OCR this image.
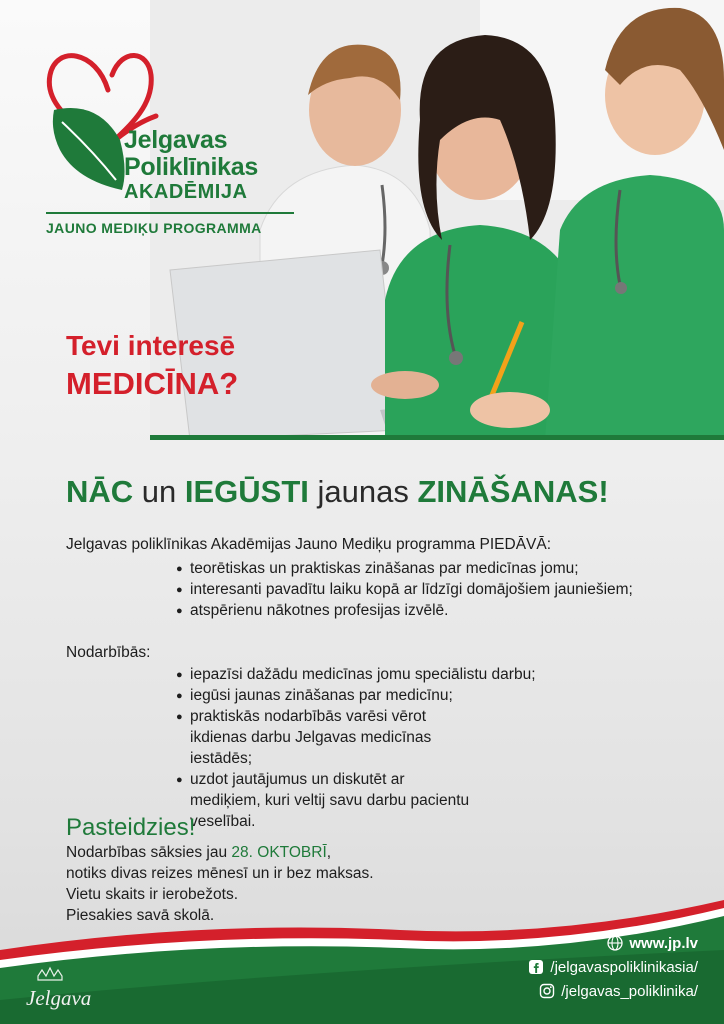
Jelgavas
Poliklīnikas
AKADĒMIJA
JAUNO MEDIĶU PROGRAMMA
Tevi interesē
MEDICĪNA?
NĀC un IEGŪSTI jaunas ZINĀŠANAS!
Jelgavas poliklīnikas Akadēmijas Jauno Mediķu programma PIEDĀVĀ:
● teorētiskas un praktiskas zināšanas par medicīnas jomu;
● interesanti pavadītu laiku kopā ar līdzīgi domājošiem jauniešiem;
● atspērienu nākotnes profesijas izvēlē.
Nodarbībās:
● iepazīsi dažādu medicīnas jomu speciālistu darbu;
● iegūsi jaunas zināšanas par medicīnu;
● praktiskās nodarbībās varēsi vērot ikdienas darbu Jelgavas medicīnas iestādēs;
● uzdot jautājumus un diskutēt ar mediķiem, kuri veltij savu darbu pacientu veselībai.
Pasteidzies!
Nodarbības sāksies jau 28. OKTOBRĪ,
notiks divas reizes mēnesī un ir bez maksas.
Vietu skaits ir ierobežots.
Piesakies savā skolā.
Jelgava
www.jp.lv
/jelgavaspoliklinikasia/
/jelgavas_poliklinika/
